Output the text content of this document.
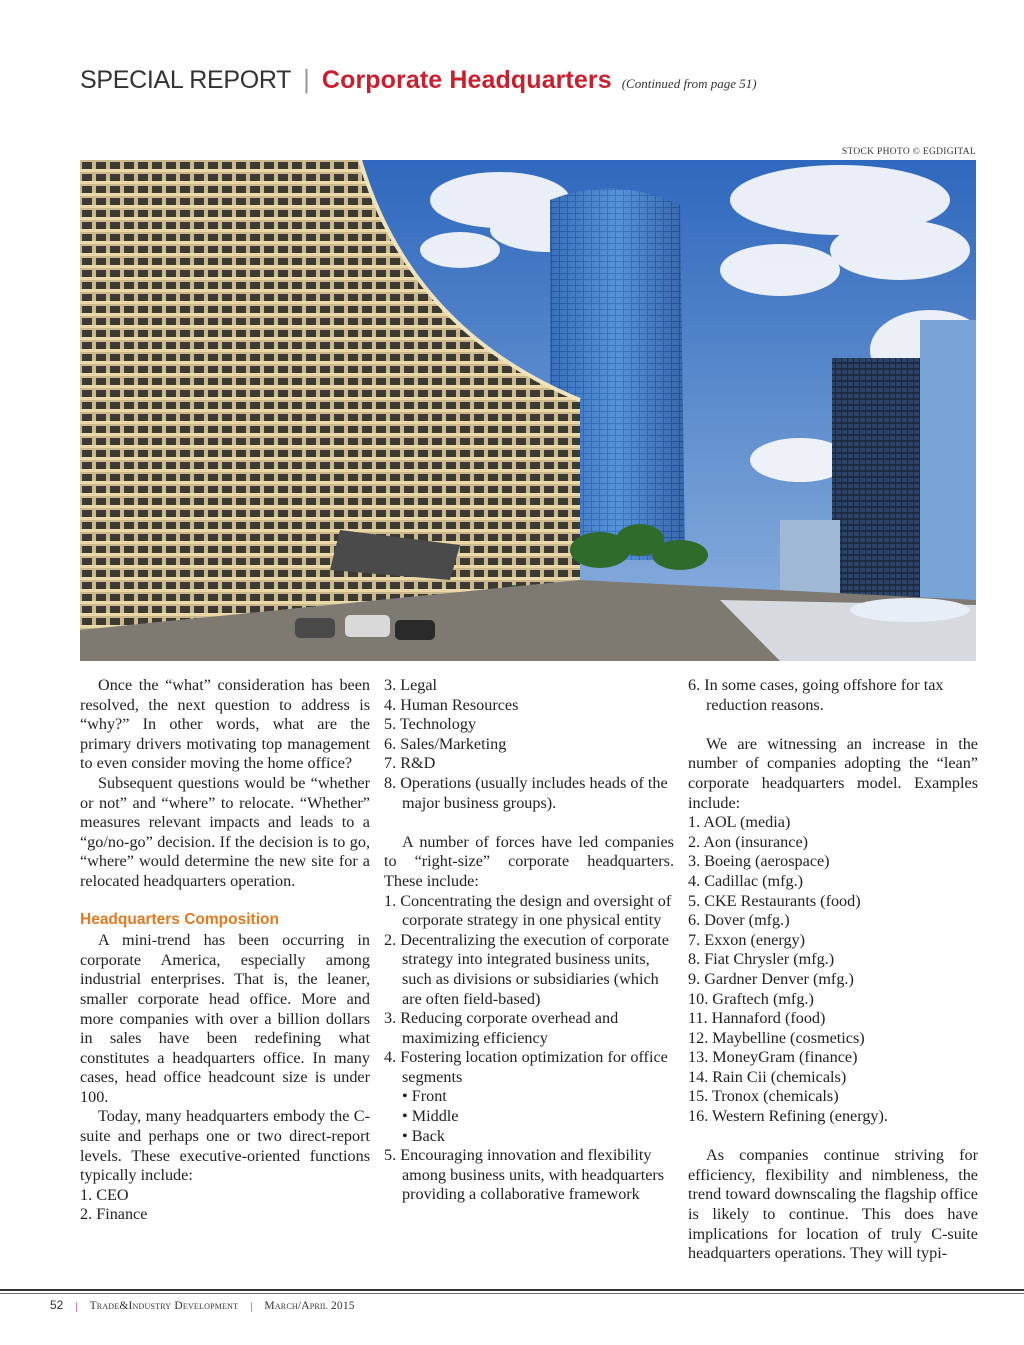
SPECIAL REPORT | Corporate Headquarters (Continued from page 51)
STOCK PHOTO © EGDIGITAL

Once the “what” consideration has been resolved, the next question to address is “why?” In other words, what are the primary drivers motivating top management to even consider moving the home office?

Subsequent questions would be “whether or not” and “where” to relocate. “Whether” measures relevant impacts and leads to a “go/no-go” decision. If the decision is to go, “where” would determine the new site for a relocated headquarters operation.

Headquarters Composition

A mini-trend has been occurring in corporate America, especially among industrial enterprises. That is, the leaner, smaller corporate head office. More and more companies with over a billion dollars in sales have been redefining what constitutes a headquarters office. In many cases, head office headcount size is under 100.

Today, many headquarters embody the C-suite and perhaps one or two direct-report levels. These executive-oriented functions typically include:

1. CEO
2. Finance
3. Legal
4. Human Resources
5. Technology
6. Sales/Marketing
7. R&D
8. Operations (usually includes heads of the major business groups).

A number of forces have led companies to “right-size” corporate headquarters. These include:

1. Concentrating the design and oversight of corporate strategy in one physical entity
2. Decentralizing the execution of corporate strategy into integrated business units, such as divisions or subsidiaries (which are often field-based)
3. Reducing corporate overhead and maximizing efficiency
4. Fostering location optimization for office segments
• Front
• Middle
• Back
5. Encouraging innovation and flexibility among business units, with headquarters providing a collaborative framework
6. In some cases, going offshore for tax reduction reasons.

We are witnessing an increase in the number of companies adopting the “lean” corporate headquarters model. Examples include:

1. AOL (media)
2. Aon (insurance)
3. Boeing (aerospace)
4. Cadillac (mfg.)
5. CKE Restaurants (food)
6. Dover (mfg.)
7. Exxon (energy)
8. Fiat Chrysler (mfg.)
9. Gardner Denver (mfg.)
10. Graftech (mfg.)
11. Hannaford (food)
12. Maybelline (cosmetics)
13. MoneyGram (finance)
14. Rain Cii (chemicals)
15. Tronox (chemicals)
16. Western Refining (energy).

As companies continue striving for efficiency, flexibility and nimbleness, the trend toward downscaling the flagship office is likely to continue. This does have implications for location of truly C-suite headquarters operations. They will typi-

52 | Trade&Industry Development | March/April 2015
